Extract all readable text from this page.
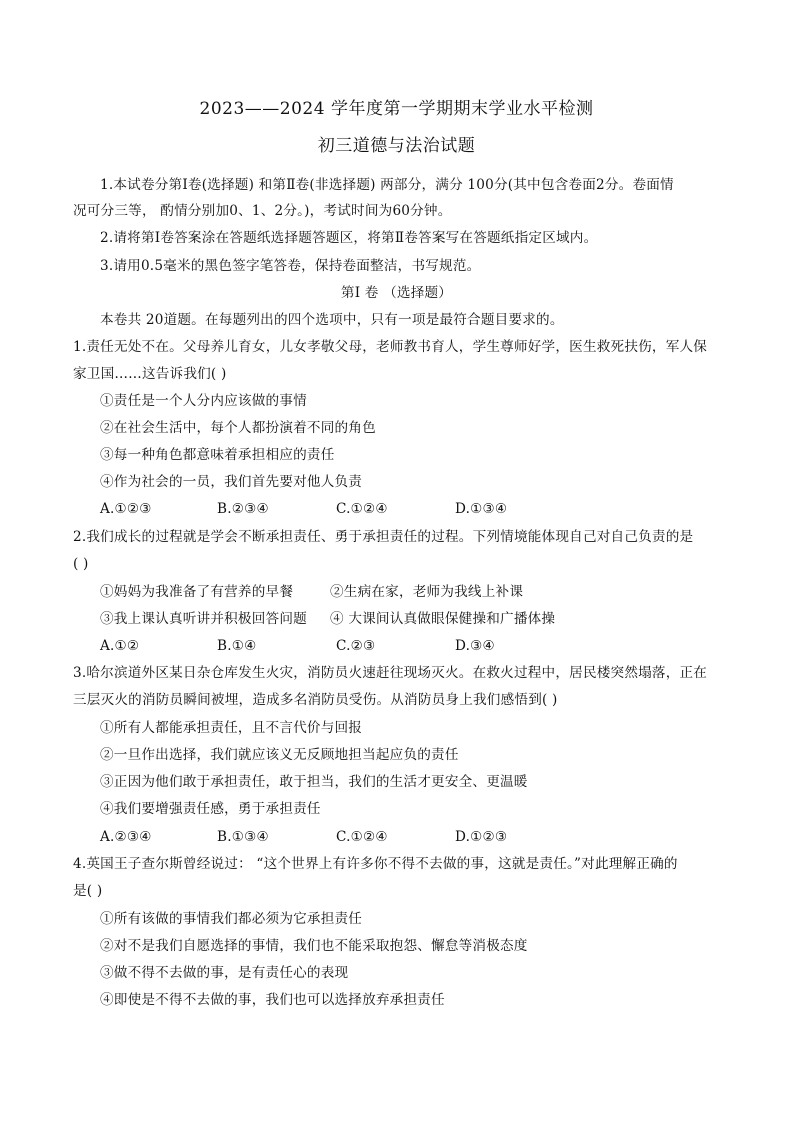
2023——2024 学年度第一学期期末学业水平检测
初三道德与法治试题
1.本试卷分第Ⅰ卷(选择题) 和第Ⅱ卷(非选择题) 两部分，满分 100分(其中包含卷面2分。卷面情
况可分三等， 酌情分别加0、1、2分。)，考试时间为60分钟。
2.请将第Ⅰ卷答案涂在答题纸选择题答题区，将第Ⅱ卷答案写在答题纸指定区域内。
3.请用0.5毫米的黑色签字笔答卷，保持卷面整洁，书写规范。
第Ⅰ 卷 （选择题）
本卷共 20道题。在每题列出的四个选项中，只有一项是最符合题目要求的。
1.责任无处不在。父母养儿育女，儿女孝敬父母，老师教书育人，学生尊师好学，医生救死扶伤，军人保
家卫国……这告诉我们( )
①责任是一个人分内应该做的事情
②在社会生活中，每个人都扮演着不同的角色
③每一种角色都意味着承担相应的责任
④作为社会的一员，我们首先要对他人负责
A.①②③	B.②③④	C.①②④	D.①③④
2.我们成长的过程就是学会不断承担责任、勇于承担责任的过程。下列情境能体现自己对自己负责的是
( )
①妈妈为我准备了有营养的早餐	②生病在家，老师为我线上补课
③我上课认真听讲并积极回答问题 ④ 大课间认真做眼保健操和广播体操
A.①②	B.①④	C.②③	D.③④
3.哈尔滨道外区某日杂仓库发生火灾，消防员火速赶往现场灭火。在救火过程中，居民楼突然塌落，正在
三层灭火的消防员瞬间被埋，造成多名消防员受伤。从消防员身上我们感悟到( )
①所有人都能承担责任，且不言代价与回报
②一旦作出选择，我们就应该义无反顾地担当起应负的责任
③正因为他们敢于承担责任，敢于担当，我们的生活才更安全、更温暖
④我们要增强责任感，勇于承担责任
A.②③④	B.①③④	C.①②④	D.①②③
4.英国王子查尔斯曾经说过： “这个世界上有许多你不得不去做的事，这就是责任。”对此理解正确的
是( )
①所有该做的事情我们都必须为它承担责任
②对不是我们自愿选择的事情，我们也不能采取抱怨、懈怠等消极态度
③做不得不去做的事，是有责任心的表现
④即使是不得不去做的事，我们也可以选择放弃承担责任
